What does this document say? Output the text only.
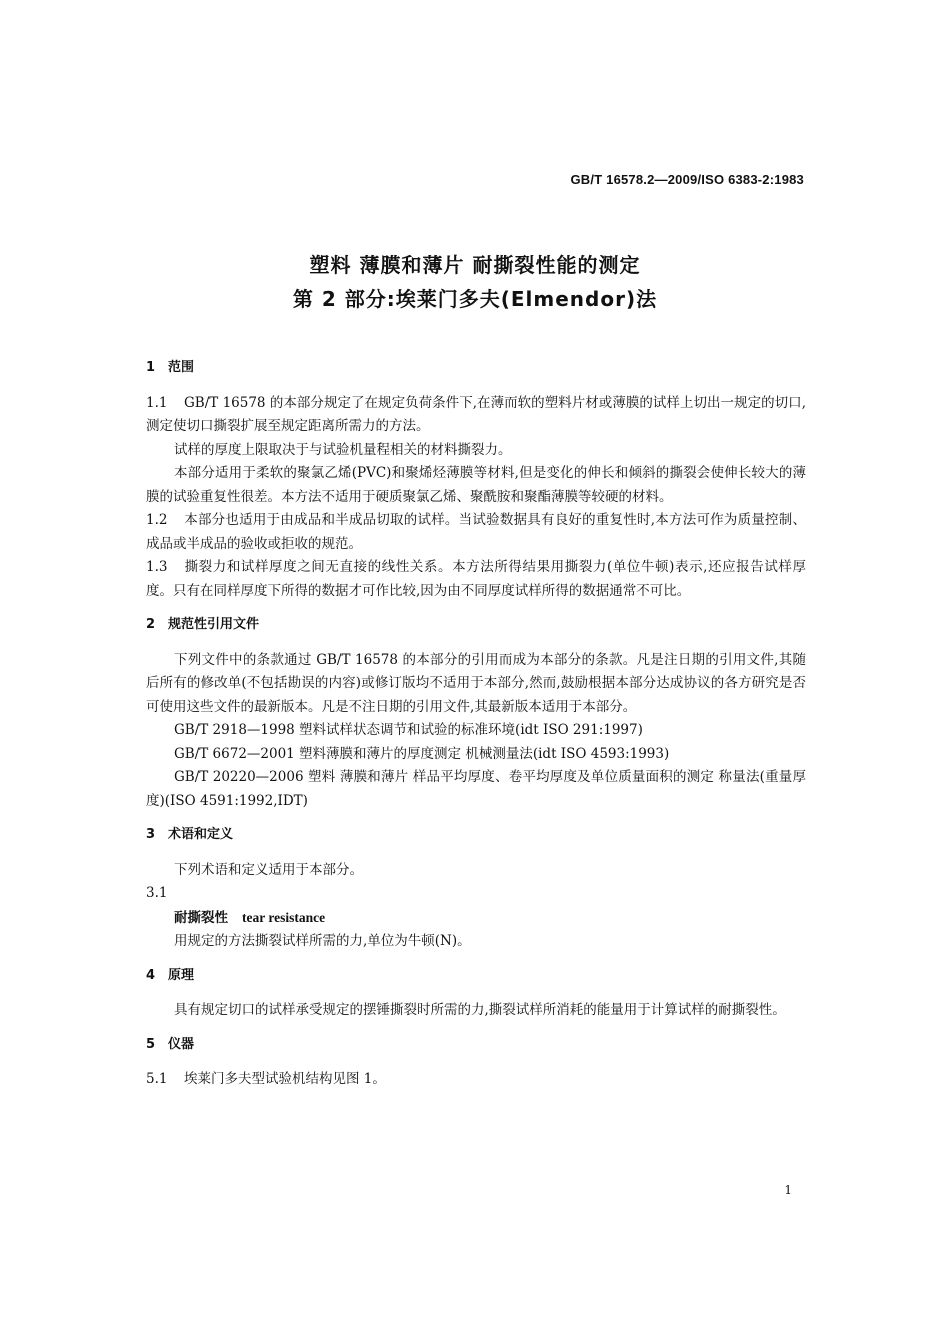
GB/T 16578.2—2009/ISO 6383-2:1983
塑料 薄膜和薄片 耐撕裂性能的测定
第 2 部分:埃莱门多夫(Elmendor)法
1 范围

1.1 GB/T 16578 的本部分规定了在规定负荷条件下,在薄而软的塑料片材或薄膜的试样上切出一规定的切口,测定使切口撕裂扩展至规定距离所需力的方法。

试样的厚度上限取决于与试验机量程相关的材料撕裂力。

本部分适用于柔软的聚氯乙烯(PVC)和聚烯烃薄膜等材料,但是变化的伸长和倾斜的撕裂会使伸长较大的薄膜的试验重复性很差。本方法不适用于硬质聚氯乙烯、聚酰胺和聚酯薄膜等较硬的材料。

1.2 本部分也适用于由成品和半成品切取的试样。当试验数据具有良好的重复性时,本方法可作为质量控制、成品或半成品的验收或拒收的规范。

1.3 撕裂力和试样厚度之间无直接的线性关系。本方法所得结果用撕裂力(单位牛顿)表示,还应报告试样厚度。只有在同样厚度下所得的数据才可作比较,因为由不同厚度试样所得的数据通常不可比。

2 规范性引用文件

下列文件中的条款通过 GB/T 16578 的本部分的引用而成为本部分的条款。凡是注日期的引用文件,其随后所有的修改单(不包括勘误的内容)或修订版均不适用于本部分,然而,鼓励根据本部分达成协议的各方研究是否可使用这些文件的最新版本。凡是不注日期的引用文件,其最新版本适用于本部分。

GB/T 2918—1998 塑料试样状态调节和试验的标准环境(idt ISO 291:1997)

GB/T 6672—2001 塑料薄膜和薄片的厚度测定 机械测量法(idt ISO 4593:1993)

GB/T 20220—2006 塑料 薄膜和薄片 样品平均厚度、卷平均厚度及单位质量面积的测定 称量法(重量厚度)(ISO 4591:1992,IDT)

3 术语和定义

下列术语和定义适用于本部分。

3.1

耐撕裂性 tear resistance

用规定的方法撕裂试样所需的力,单位为牛顿(N)。

4 原理

具有规定切口的试样承受规定的摆锤撕裂时所需的力,撕裂试样所消耗的能量用于计算试样的耐撕裂性。

5 仪器

5.1 埃莱门多夫型试验机结构见图 1。

1
